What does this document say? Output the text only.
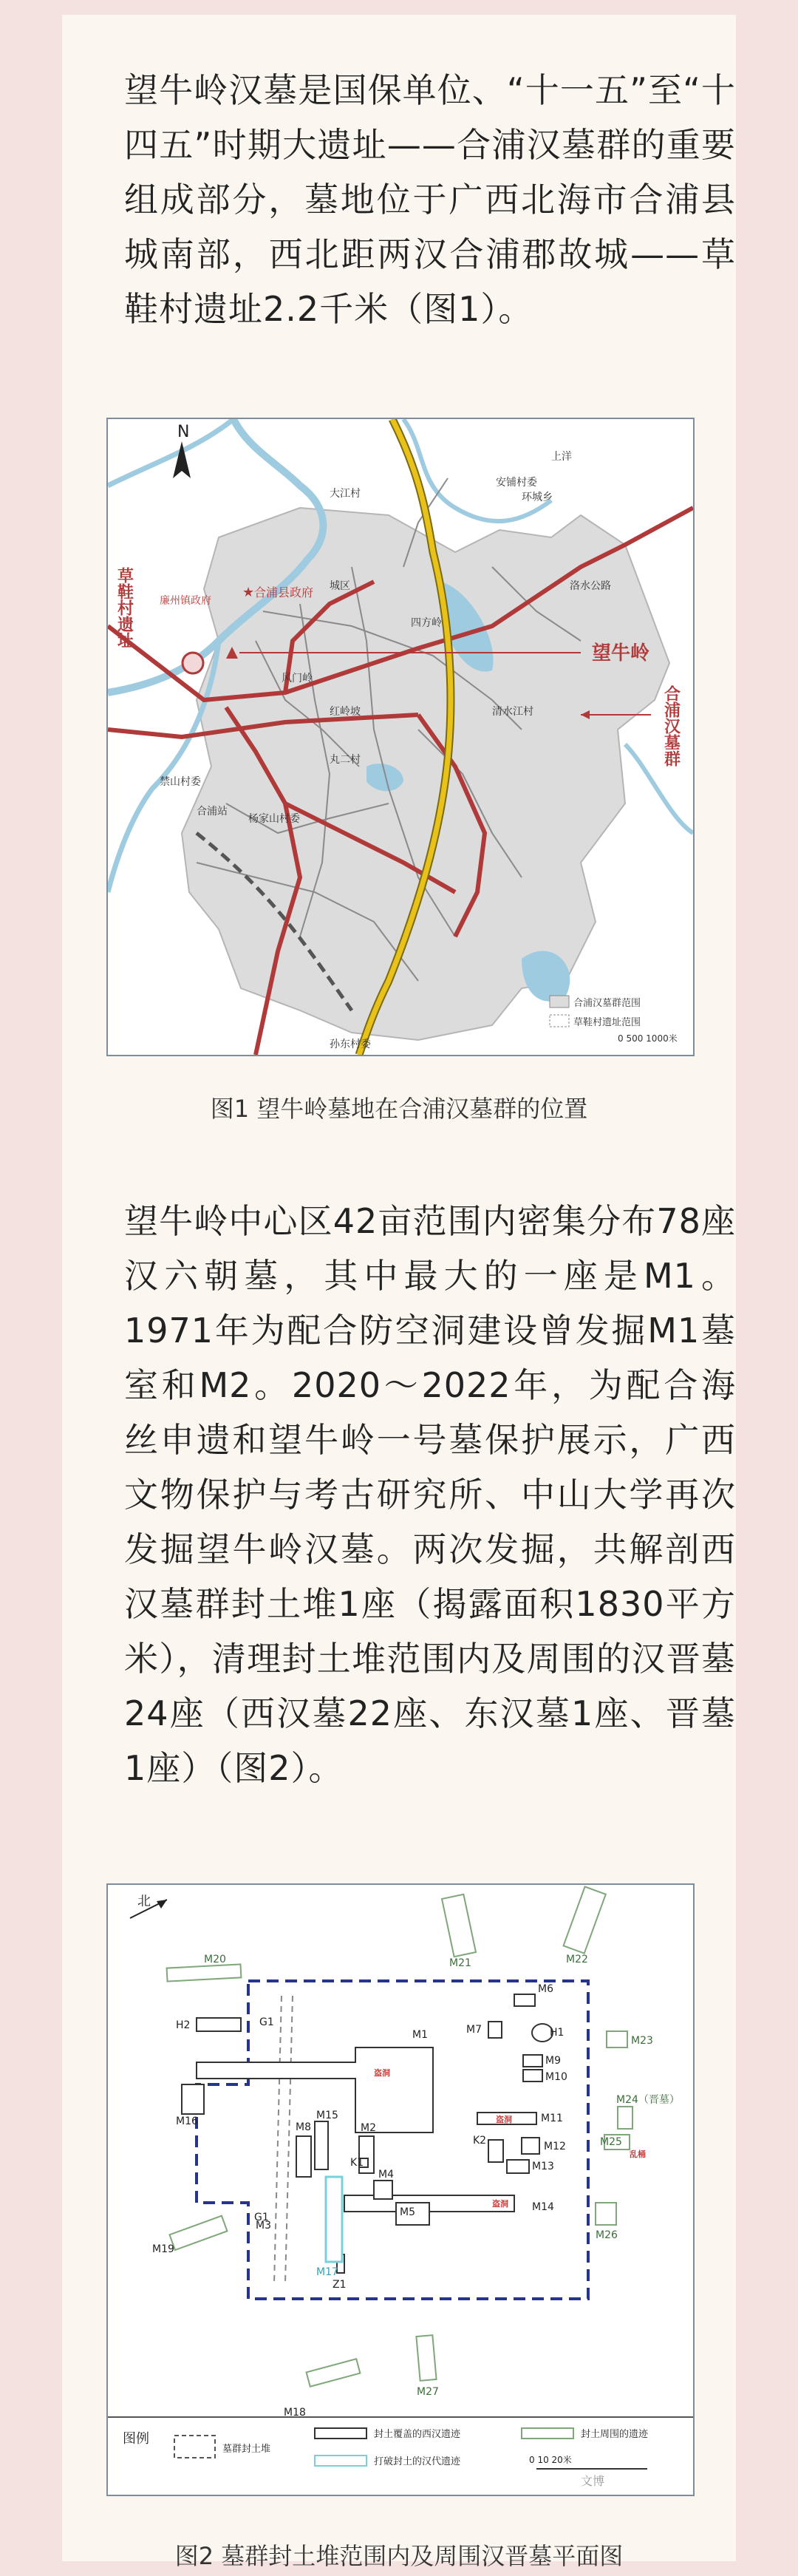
望牛岭汉墓是国保单位、“十一五”至“十四五”时期大遗址——合浦汉墓群的重要组成部分，墓地位于广西北海市合浦县城南部，西北距两汉合浦郡故城——草鞋村遗址2.2千米（图1）。

N
★ 合浦县政府
廉州镇政府
望牛岭
合浦汉墓群
草鞋村遗址
安铺村委
大江村
城区
风门岭
红岭坡
丸二村
杨家山村委
合浦站
禁山村委
孙东村委
环城乡
上洋
洛水公路
清水江村
四方岭
合浦汉墓群范围
草鞋村遗址范围
0 500 1000米
图1 望牛岭墓地在合浦汉墓群的位置

望牛岭中心区42亩范围内密集分布78座汉六朝墓，其中最大的一座是M1。1971年为配合防空洞建设曾发掘M1墓室和M2。2020～2022年，为配合海丝申遗和望牛岭一号墓保护展示，广西文物保护与考古研究所、中山大学再次发掘望牛岭汉墓。两次发掘，共解剖西汉墓群封土堆1座（揭露面积1830平方米），清理封土堆范围内及周围的汉晋墓24座（西汉墓22座、东汉墓1座、晋墓1座）（图2）。

北
■
盗洞
盗洞
盗洞
乱桶
M1
M2
M4
M5
M6
M7
M8
M9
M10
M11
M12
M13
M14
M15
M16
M17
M18
M19
M20	M21	M22
M23
M24（晋墓）
M25
M26
M27
M3
G1
G1
H1
H2
K1
K2
Z1
图例
墓群封土堆
封土覆盖的西汉遗迹	封土周围的遗迹
打破封土的汉代遗迹	0 10 20米
文博
图2 墓群封土堆范围内及周围汉晋墓平面图
